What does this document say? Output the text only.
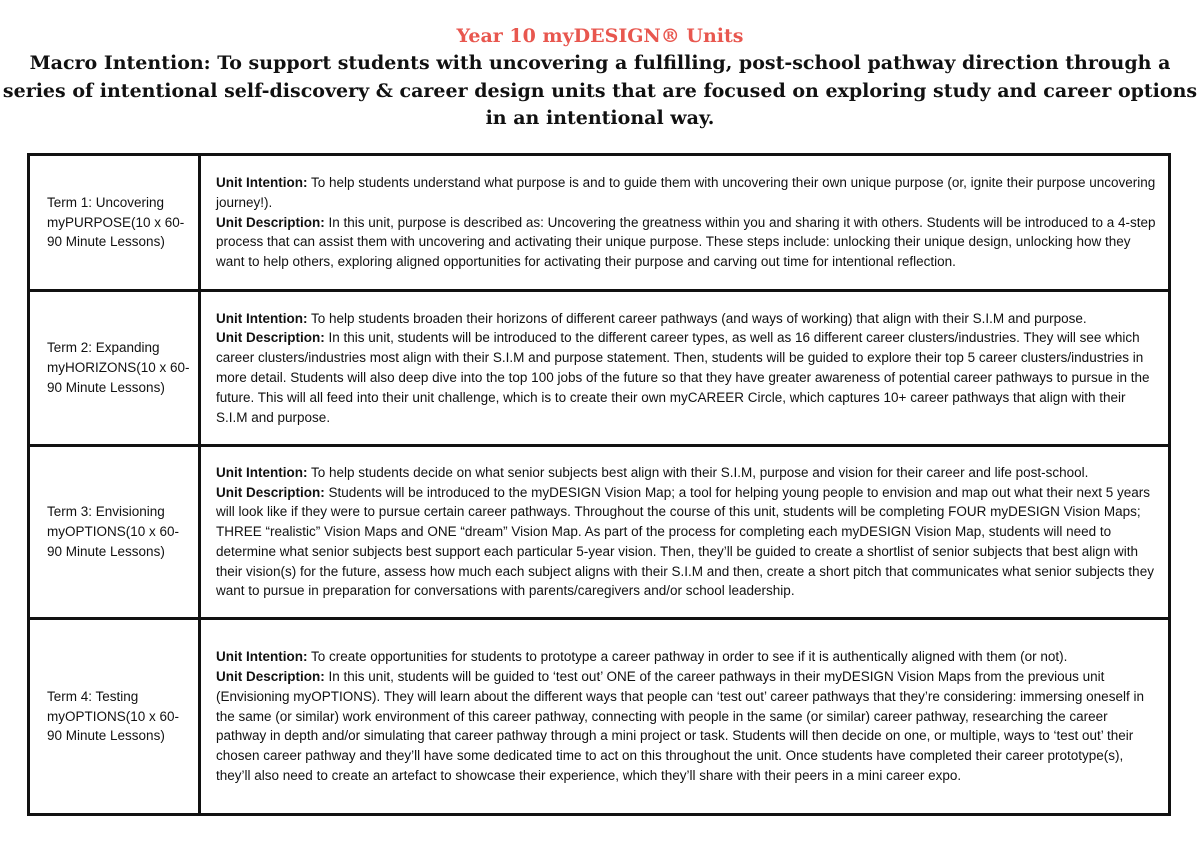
Year 10 myDESIGN® Units
Macro Intention: To support students with uncovering a fulfilling, post-school pathway direction through a series of intentional self-discovery & career design units that are focused on exploring study and career options in an intentional way.
Term 1: Uncovering myPURPOSE(10 x 60-90 Minute Lessons)	Unit Intention: To help students understand what purpose is and to guide them with uncovering their own unique purpose (or, ignite their purpose uncovering journey!).
Unit Description: In this unit, purpose is described as: Uncovering the greatness within you and sharing it with others. Students will be introduced to a 4-step process that can assist them with uncovering and activating their unique purpose. These steps include: unlocking their unique design, unlocking how they want to help others, exploring aligned opportunities for activating their purpose and carving out time for intentional reflection.
Term 2: Expanding myHORIZONS(10 x 60-90 Minute Lessons)	Unit Intention: To help students broaden their horizons of different career pathways (and ways of working) that align with their S.I.M and purpose.
Unit Description: In this unit, students will be introduced to the different career types, as well as 16 different career clusters/industries. They will see which career clusters/industries most align with their S.I.M and purpose statement. Then, students will be guided to explore their top 5 career clusters/industries in more detail. Students will also deep dive into the top 100 jobs of the future so that they have greater awareness of potential career pathways to pursue in the future. This will all feed into their unit challenge, which is to create their own myCAREER Circle, which captures 10+ career pathways that align with their S.I.M and purpose.
Term 3: Envisioning myOPTIONS(10 x 60-90 Minute Lessons)	Unit Intention: To help students decide on what senior subjects best align with their S.I.M, purpose and vision for their career and life post-school.
Unit Description: Students will be introduced to the myDESIGN Vision Map; a tool for helping young people to envision and map out what their next 5 years will look like if they were to pursue certain career pathways. Throughout the course of this unit, students will be completing FOUR myDESIGN Vision Maps; THREE “realistic” Vision Maps and ONE “dream” Vision Map. As part of the process for completing each myDESIGN Vision Map, students will need to determine what senior subjects best support each particular 5-year vision. Then, they’ll be guided to create a shortlist of senior subjects that best align with their vision(s) for the future, assess how much each subject aligns with their S.I.M and then, create a short pitch that communicates what senior subjects they want to pursue in preparation for conversations with parents/caregivers and/or school leadership.
Term 4: Testing myOPTIONS(10 x 60-90 Minute Lessons)	Unit Intention: To create opportunities for students to prototype a career pathway in order to see if it is authentically aligned with them (or not).
Unit Description: In this unit, students will be guided to ‘test out’ ONE of the career pathways in their myDESIGN Vision Maps from the previous unit (Envisioning myOPTIONS). They will learn about the different ways that people can ‘test out’ career pathways that they’re considering: immersing oneself in the same (or similar) work environment of this career pathway, connecting with people in the same (or similar) career pathway, researching the career pathway in depth and/or simulating that career pathway through a mini project or task. Students will then decide on one, or multiple, ways to ‘test out’ their chosen career pathway and they’ll have some dedicated time to act on this throughout the unit. Once students have completed their career prototype(s), they’ll also need to create an artefact to showcase their experience, which they’ll share with their peers in a mini career expo.
